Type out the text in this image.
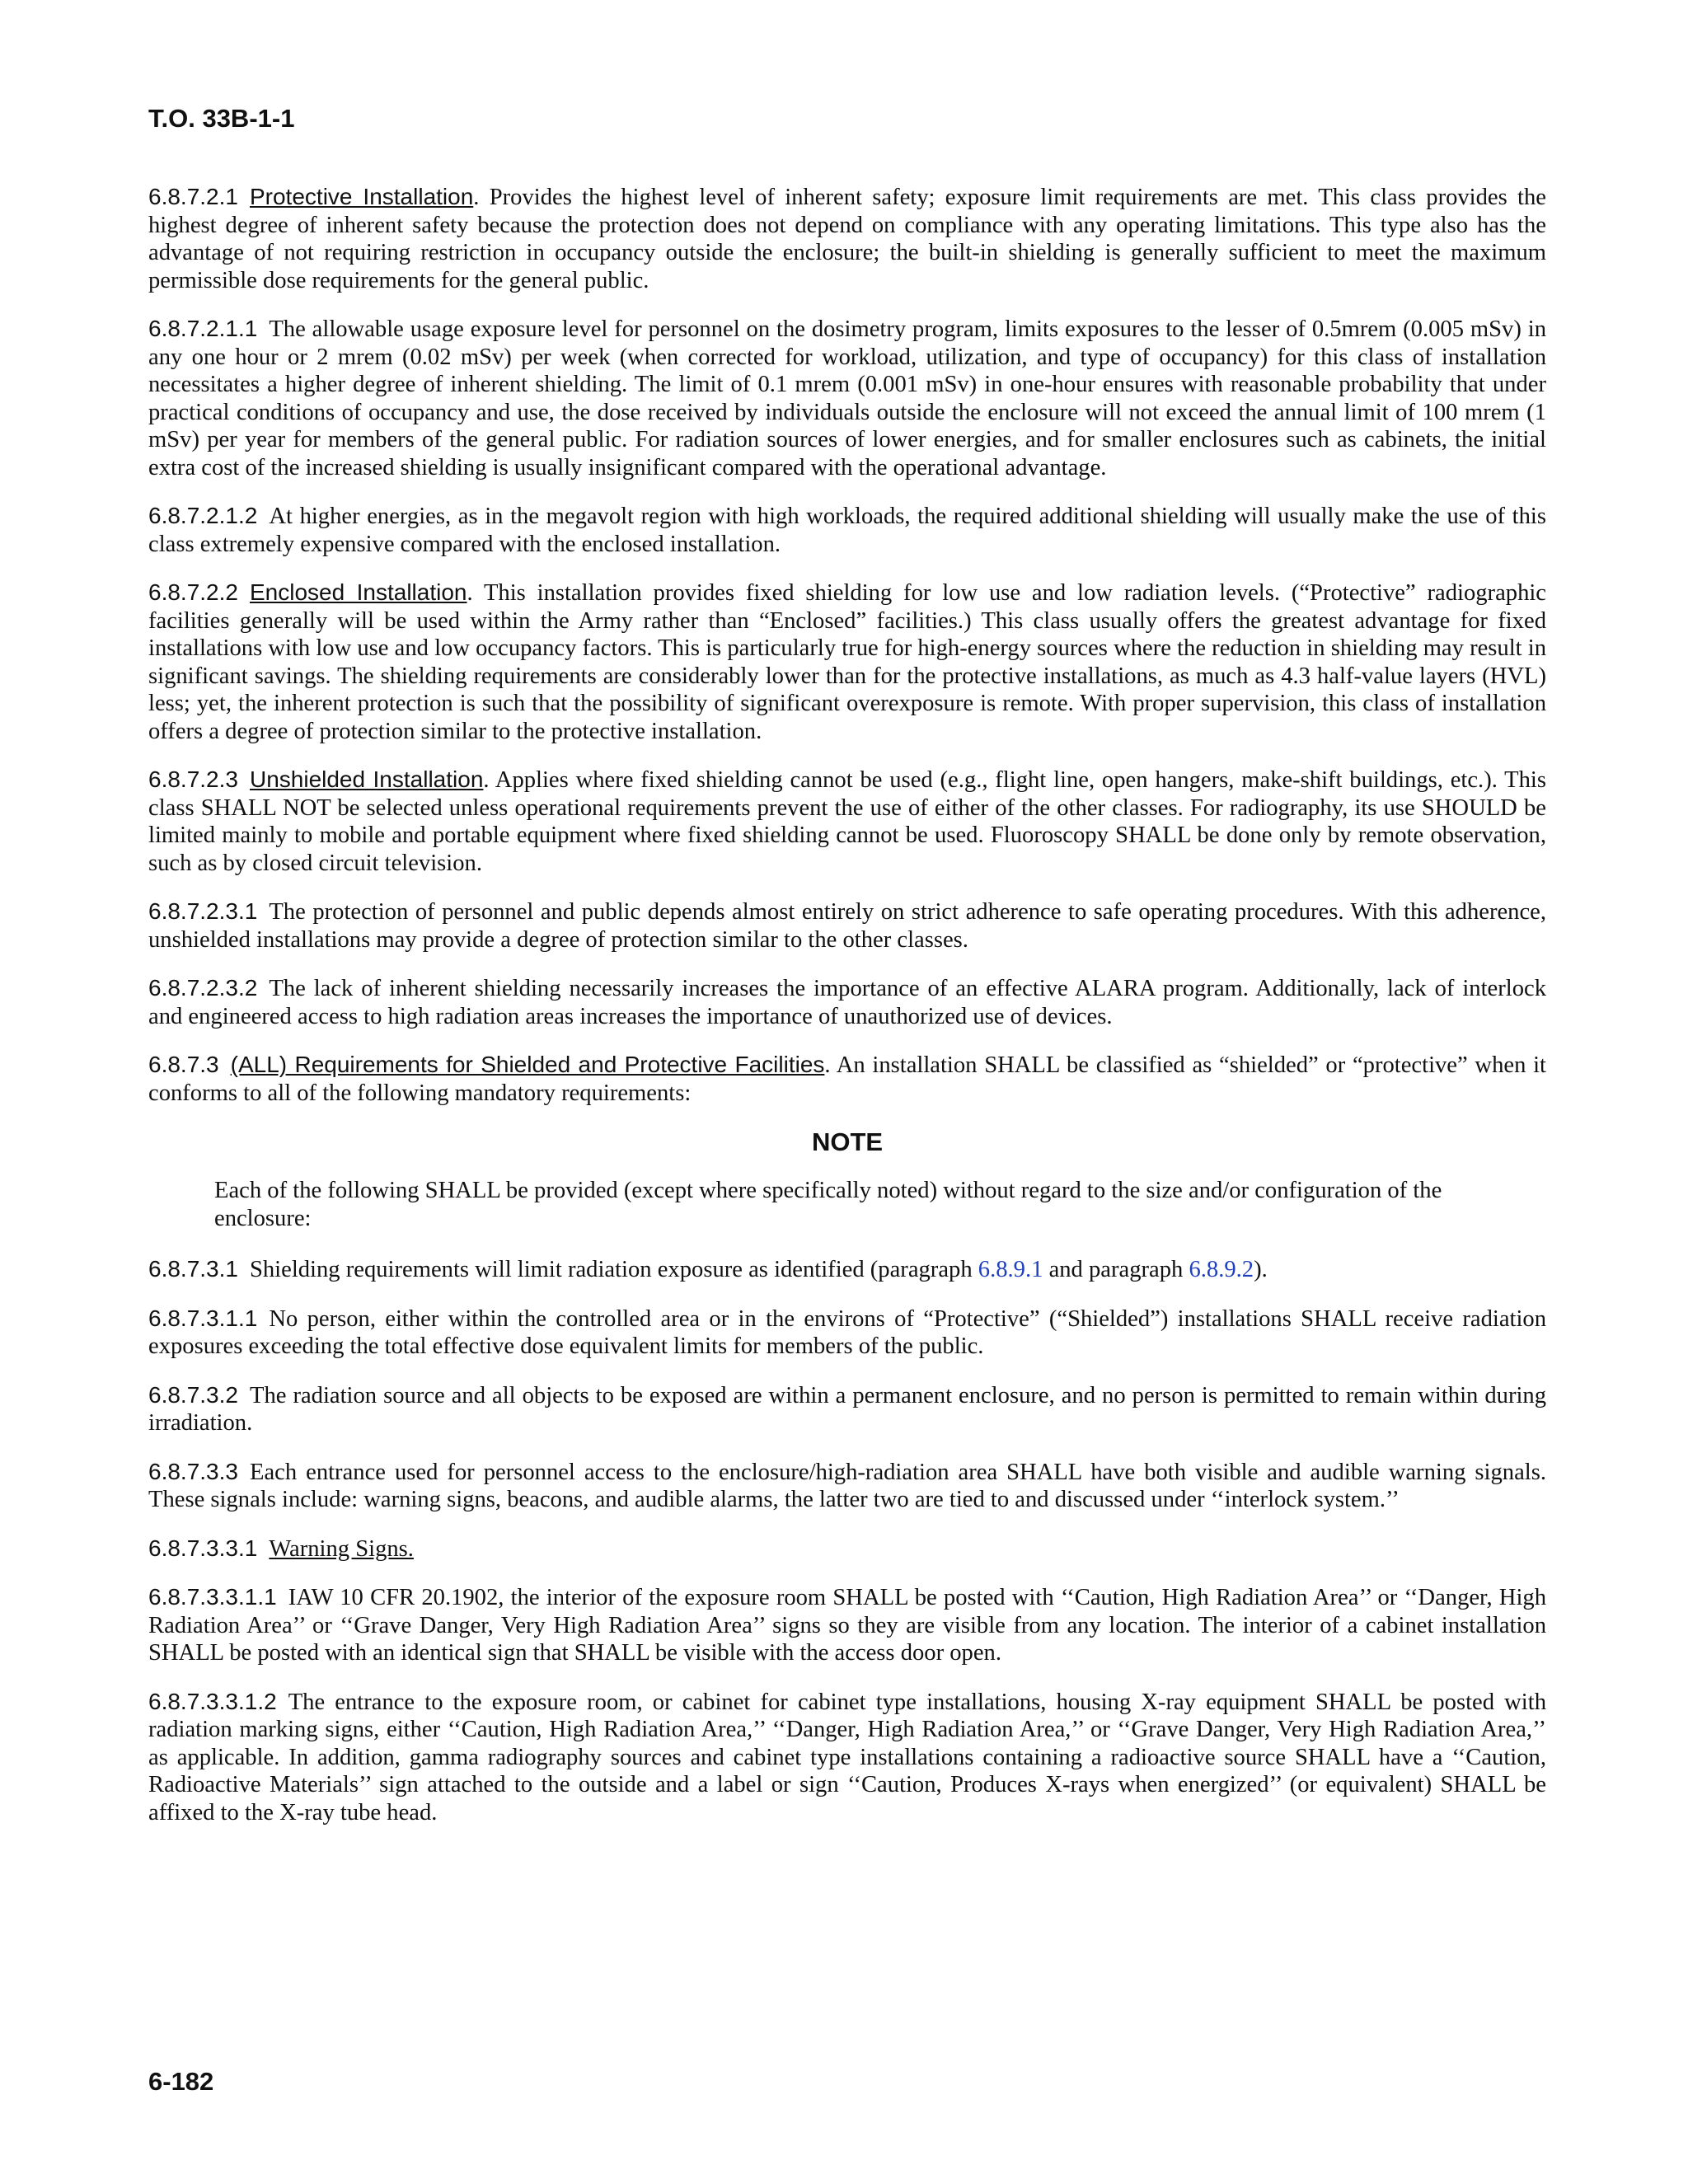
T.O. 33B-1-1

6.8.7.2.1 Protective Installation. Provides the highest level of inherent safety; exposure limit requirements are met. This class provides the highest degree of inherent safety because the protection does not depend on compliance with any operating limitations. This type also has the advantage of not requiring restriction in occupancy outside the enclosure; the built-in shielding is generally sufficient to meet the maximum permissible dose requirements for the general public.

6.8.7.2.1.1 The allowable usage exposure level for personnel on the dosimetry program, limits exposures to the lesser of 0.5mrem (0.005 mSv) in any one hour or 2 mrem (0.02 mSv) per week (when corrected for workload, utilization, and type of occupancy) for this class of installation necessitates a higher degree of inherent shielding. The limit of 0.1 mrem (0.001 mSv) in one-hour ensures with reasonable probability that under practical conditions of occupancy and use, the dose received by individuals outside the enclosure will not exceed the annual limit of 100 mrem (1 mSv) per year for members of the general public. For radiation sources of lower energies, and for smaller enclosures such as cabinets, the initial extra cost of the increased shielding is usually insignificant compared with the operational advantage.

6.8.7.2.1.2 At higher energies, as in the megavolt region with high workloads, the required additional shielding will usually make the use of this class extremely expensive compared with the enclosed installation.

6.8.7.2.2 Enclosed Installation. This installation provides fixed shielding for low use and low radiation levels. (“Protective” radiographic facilities generally will be used within the Army rather than “Enclosed” facilities.) This class usually offers the greatest advantage for fixed installations with low use and low occupancy factors. This is particularly true for high-energy sources where the reduction in shielding may result in significant savings. The shielding requirements are considerably lower than for the protective installations, as much as 4.3 half-value layers (HVL) less; yet, the inherent protection is such that the possibility of significant overexposure is remote. With proper supervision, this class of installation offers a degree of protection similar to the protective installation.

6.8.7.2.3 Unshielded Installation. Applies where fixed shielding cannot be used (e.g., flight line, open hangers, make-shift buildings, etc.). This class SHALL NOT be selected unless operational requirements prevent the use of either of the other classes. For radiography, its use SHOULD be limited mainly to mobile and portable equipment where fixed shielding cannot be used. Fluoroscopy SHALL be done only by remote observation, such as by closed circuit television.

6.8.7.2.3.1 The protection of personnel and public depends almost entirely on strict adherence to safe operating procedures. With this adherence, unshielded installations may provide a degree of protection similar to the other classes.

6.8.7.2.3.2 The lack of inherent shielding necessarily increases the importance of an effective ALARA program. Additionally, lack of interlock and engineered access to high radiation areas increases the importance of unauthorized use of devices.

6.8.7.3 (ALL) Requirements for Shielded and Protective Facilities. An installation SHALL be classified as “shielded” or “protective” when it conforms to all of the following mandatory requirements:

NOTE
Each of the following SHALL be provided (except where specifically noted) without regard to the size and/or configuration of the enclosure:

6.8.7.3.1 Shielding requirements will limit radiation exposure as identified (paragraph 6.8.9.1 and paragraph 6.8.9.2).

6.8.7.3.1.1 No person, either within the controlled area or in the environs of “Protective” (“Shielded”) installations SHALL receive radiation exposures exceeding the total effective dose equivalent limits for members of the public.

6.8.7.3.2 The radiation source and all objects to be exposed are within a permanent enclosure, and no person is permitted to remain within during irradiation.

6.8.7.3.3 Each entrance used for personnel access to the enclosure/high-radiation area SHALL have both visible and audible warning signals. These signals include: warning signs, beacons, and audible alarms, the latter two are tied to and discussed under ‘‘interlock system.’’

6.8.7.3.3.1 Warning Signs.

6.8.7.3.3.1.1 IAW 10 CFR 20.1902, the interior of the exposure room SHALL be posted with ‘‘Caution, High Radiation Area’’ or ‘‘Danger, High Radiation Area’’ or ‘‘Grave Danger, Very High Radiation Area’’ signs so they are visible from any location. The interior of a cabinet installation SHALL be posted with an identical sign that SHALL be visible with the access door open.

6.8.7.3.3.1.2 The entrance to the exposure room, or cabinet for cabinet type installations, housing X-ray equipment SHALL be posted with radiation marking signs, either ‘‘Caution, High Radiation Area,’’ ‘‘Danger, High Radiation Area,’’ or ‘‘Grave Danger, Very High Radiation Area,’’ as applicable. In addition, gamma radiography sources and cabinet type installations containing a radioactive source SHALL have a ‘‘Caution, Radioactive Materials’’ sign attached to the outside and a label or sign ‘‘Caution, Produces X-rays when energized’’ (or equivalent) SHALL be affixed to the X-ray tube head.

6-182
